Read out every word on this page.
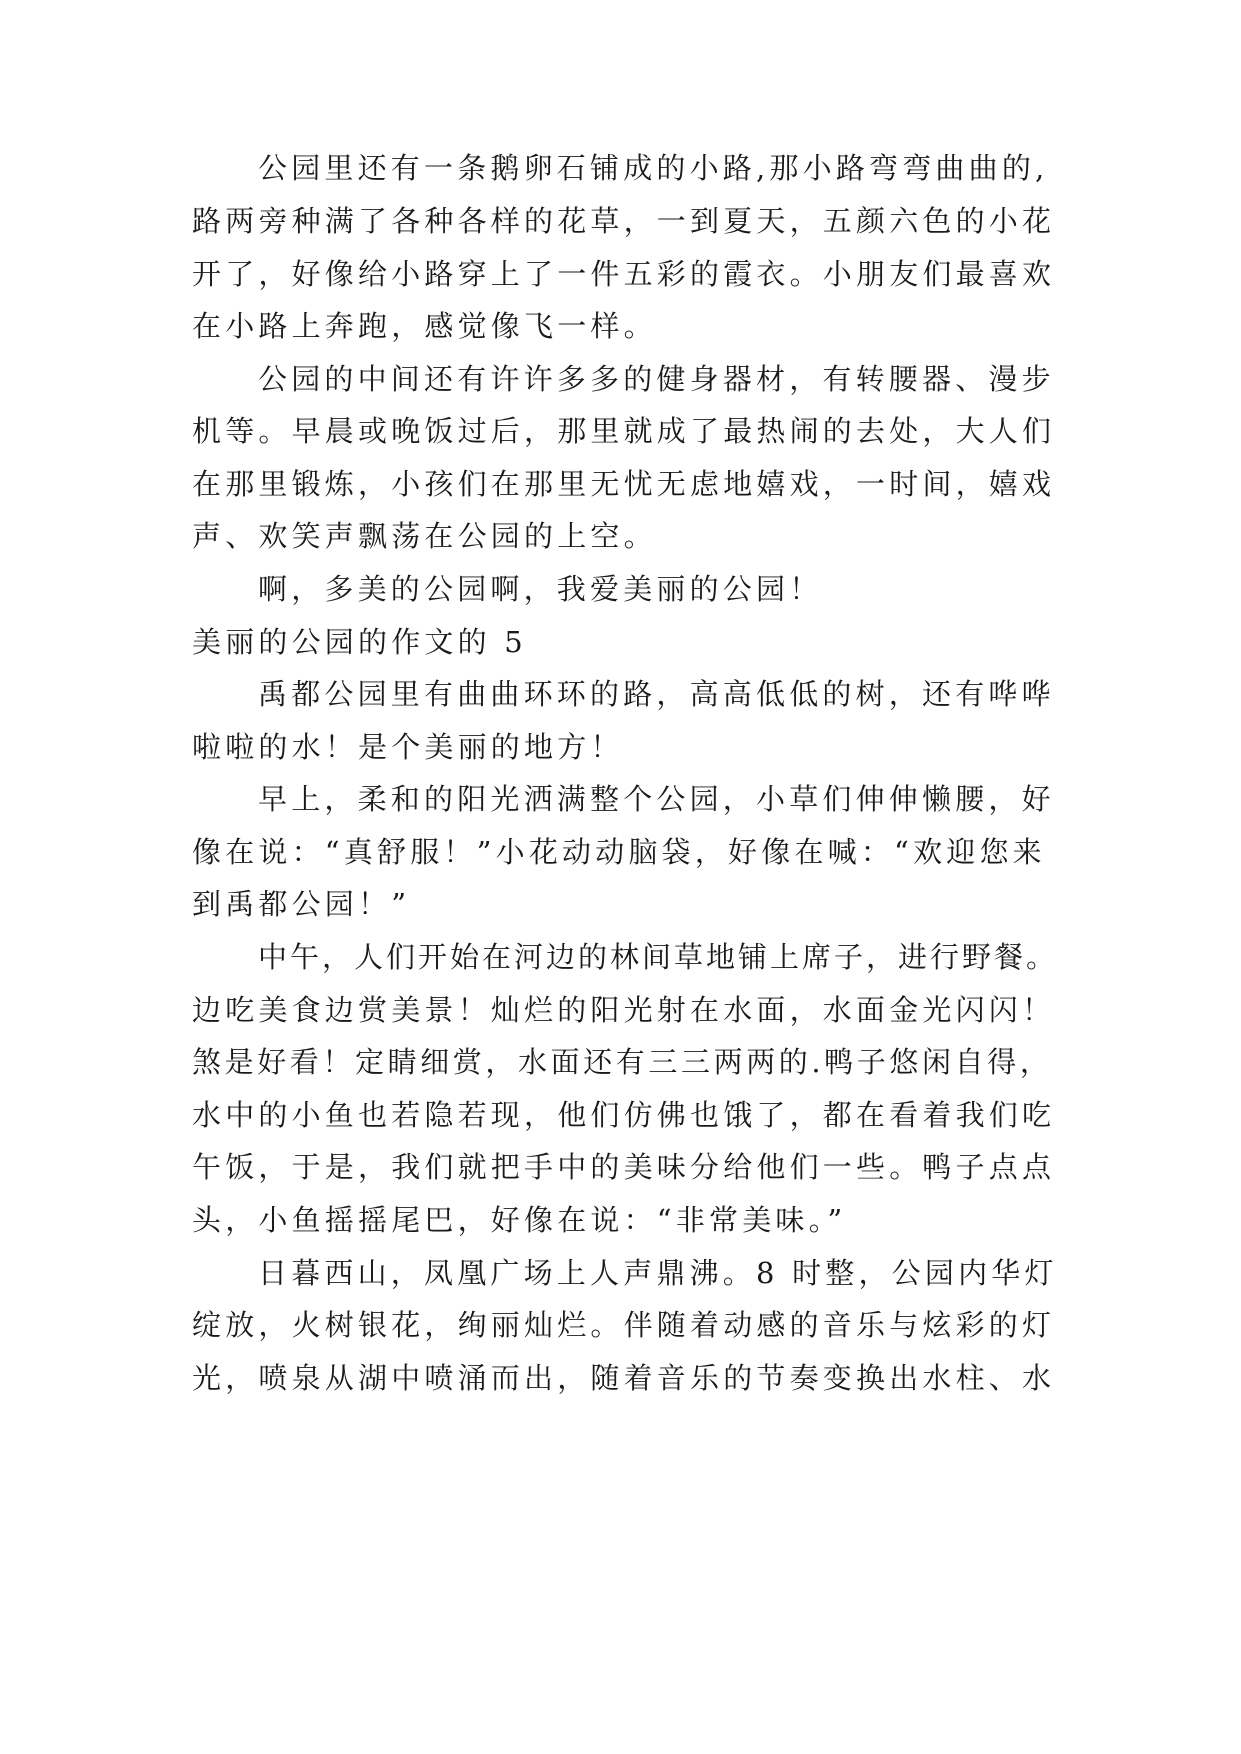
公园里还有一条鹅卵石铺成的小路,那小路弯弯曲曲的,
路两旁种满了各种各样的花草，一到夏天，五颜六色的小花
开了，好像给小路穿上了一件五彩的霞衣。小朋友们最喜欢
在小路上奔跑，感觉像飞一样。
公园的中间还有许许多多的健身器材，有转腰器、漫步
机等。早晨或晚饭过后，那里就成了最热闹的去处，大人们
在那里锻炼，小孩们在那里无忧无虑地嬉戏，一时间，嬉戏
声、欢笑声飘荡在公园的上空。
啊，多美的公园啊，我爱美丽的公园！
美丽的公园的作文的 5
禹都公园里有曲曲环环的路，高高低低的树，还有哗哗
啦啦的水！是个美丽的地方！
早上，柔和的阳光洒满整个公园，小草们伸伸懒腰，好
像在说：“真舒服！”小花动动脑袋，好像在喊：“欢迎您来
到禹都公园！”
中午，人们开始在河边的林间草地铺上席子，进行野餐。
边吃美食边赏美景！灿烂的阳光射在水面，水面金光闪闪！
煞是好看！定睛细赏，水面还有三三两两的.鸭子悠闲自得，
水中的小鱼也若隐若现，他们仿佛也饿了，都在看着我们吃
午饭，于是，我们就把手中的美味分给他们一些。鸭子点点
头，小鱼摇摇尾巴，好像在说：“非常美味。”
日暮西山，凤凰广场上人声鼎沸。8 时整，公园内华灯
绽放，火树银花，绚丽灿烂。伴随着动感的音乐与炫彩的灯
光，喷泉从湖中喷涌而出，随着音乐的节奏变换出水柱、水
